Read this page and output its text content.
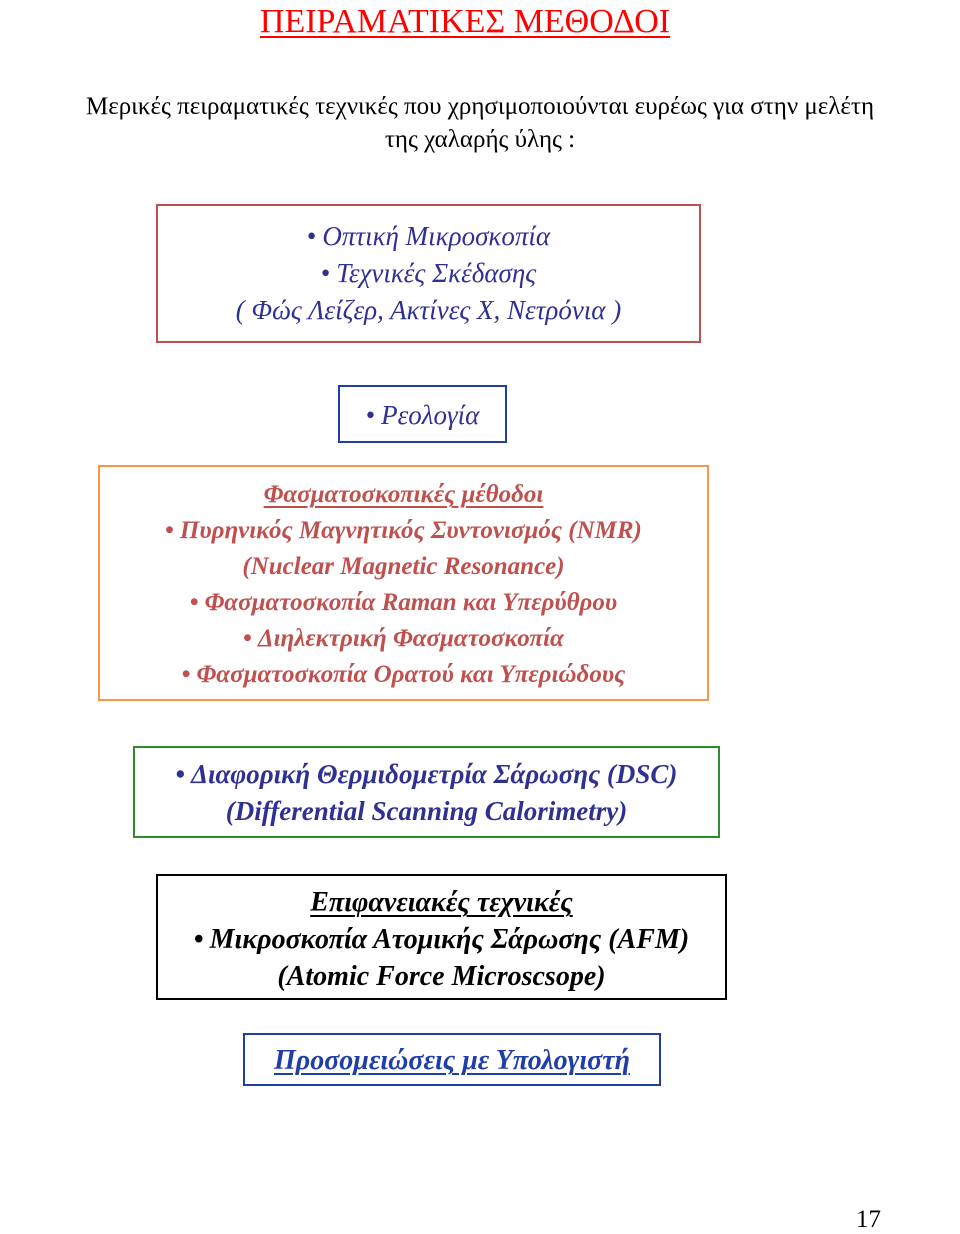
ΠΕΙΡΑΜΑΤΙΚΕΣ ΜΕΘΟΔΟΙ
Μερικές πειραματικές τεχνικές που χρησιμοποιούνται ευρέως για στην μελέτη
της χαλαρής ύλης :
• Οπτική Μικροσκοπία
• Τεχνικές Σκέδασης
( Φώς Λείζερ, Ακτίνες Χ, Νετρόνια )
• Ρεολογία
Φασματοσκοπικές μέθοδοι
• Πυρηνικός Μαγνητικός Συντονισμός (NMR)
(Nuclear Magnetic Resonance)
• Φασματοσκοπία Raman και Υπερύθρου
• Διηλεκτρική Φασματοσκοπία
• Φασματοσκοπία Ορατού και Υπεριώδους
• Διαφορική Θερμιδομετρία Σάρωσης (DSC)
(Differential Scanning Calorimetry)
Επιφανειακές τεχνικές
• Μικροσκοπία Ατομικής Σάρωσης (AFM)
(Atomic Force Microscsope)
Προσομειώσεις με Υπολογιστή
17
